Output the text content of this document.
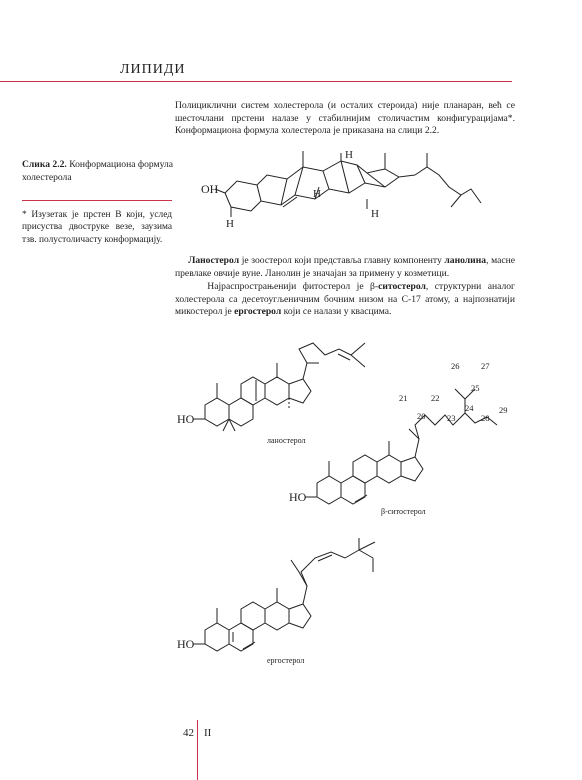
ЛИПИДИ
Полициклични систем холестерола (и осталих стероида) није планаран, већ се шесточлани прстени налазе у стабилнијим столичастим конфигурацијама*. Конформациона формула холестерола је приказана на слици 2.2.
Слика 2.2. Конформациона формула холестерола
* Изузетак је прстен В који, услед присуства двоструке везе, заузима тзв. полустоличасту конформацију.
OH
H
H
H
H
Ланостерол је зоостерол који представља главну компоненту ланолина, масне превлаке овчије вуне. Ланолин је значајан за примену у козметици.
Најраспрострањенији фитостерол је β-ситостерол, структурни аналог холестерола са десетоугљеничним бочним низом на C-17 атому, а најпознатији микостерол је ергостерол који се налази у квасцима.
HO
ланостерол
HO
26	27
25
21	22
20
24
23	28
29
β-ситостерол
HO
ергостерол
42 II
